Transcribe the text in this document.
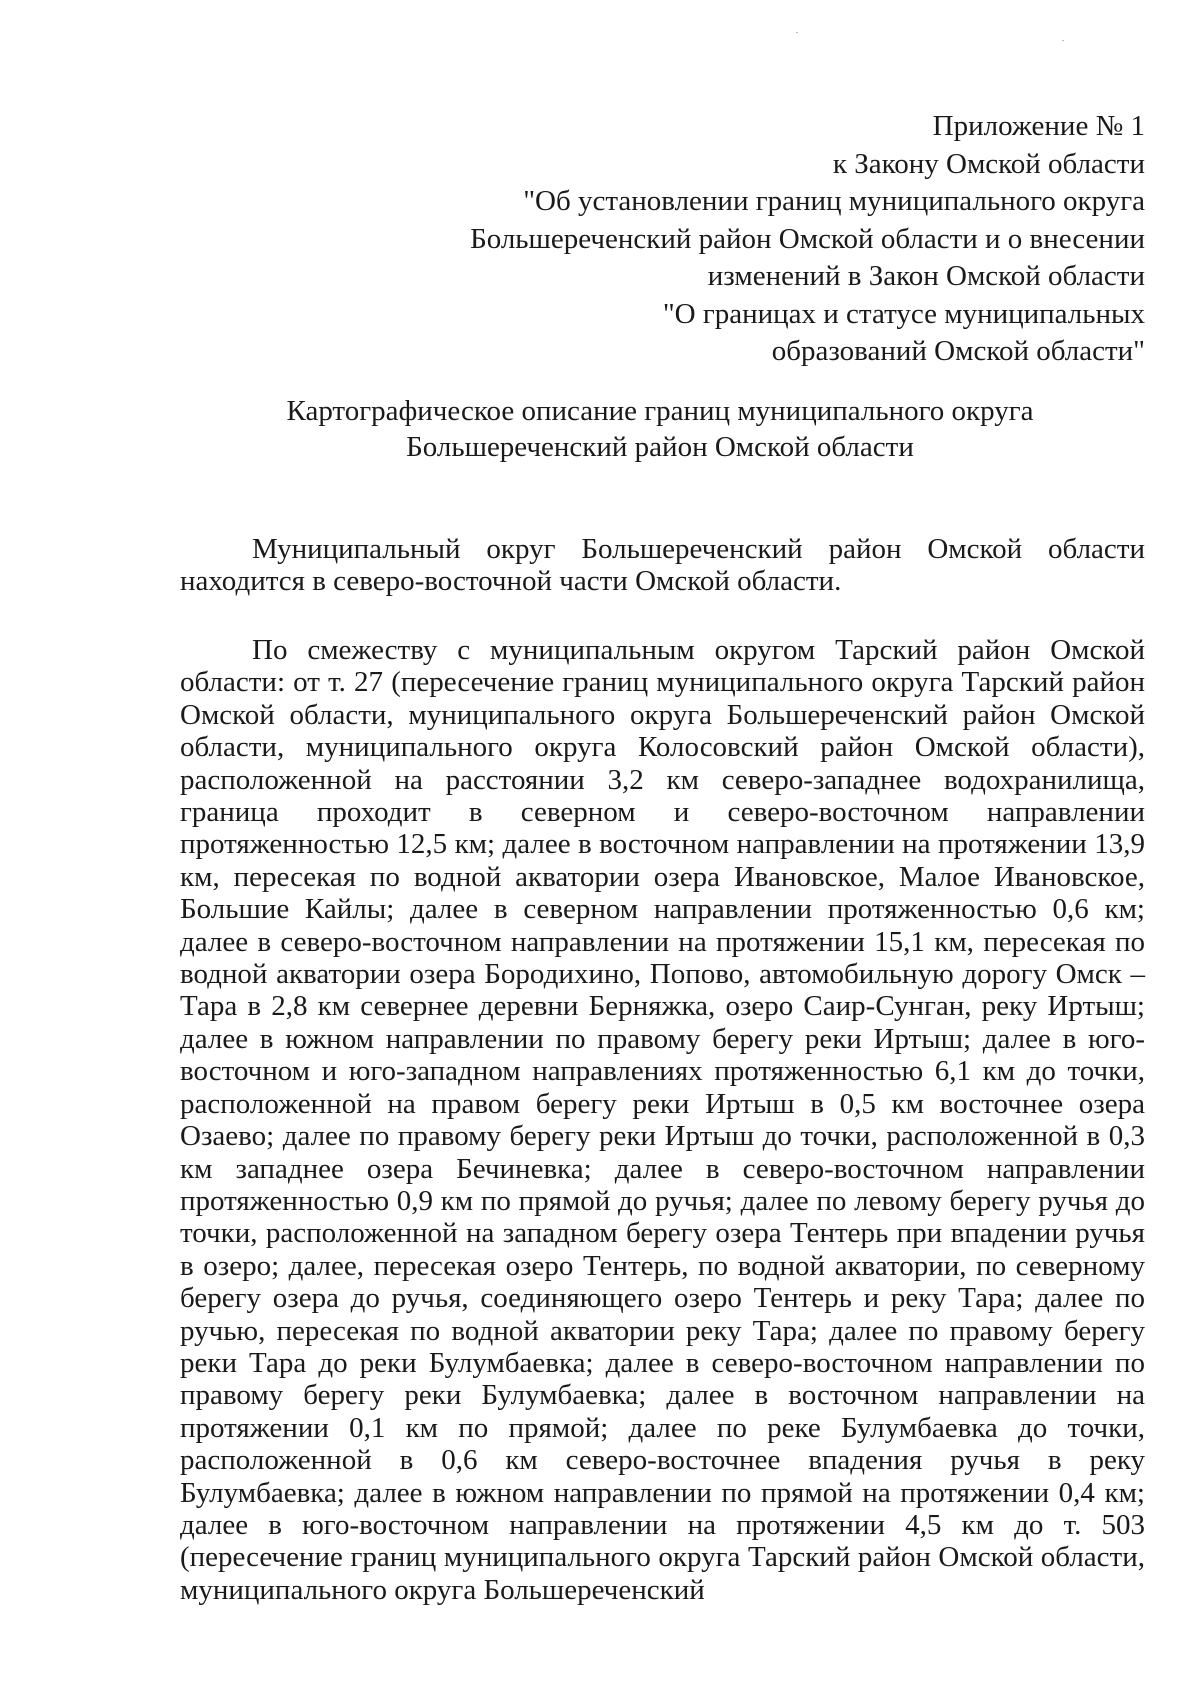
Приложение № 1
к Закону Омской области
"Об установлении границ муниципального округа
Большереченский район Омской области и о внесении
изменений в Закон Омской области
"О границах и статусе муниципальных
образований Омской области"
Картографическое описание границ муниципального округа
Большереченский район Омской области

Муниципальный округ Большереченский район Омской области находится в северо-восточной части Омской области.

По смежеству с муниципальным округом Тарский район Омской области: от т. 27 (пересечение границ муниципального округа Тарский район Омской области, муниципального округа Большереченский район Омской области, муниципального округа Колосовский район Омской области), расположенной на расстоянии 3,2 км северо-западнее водохранилища, граница проходит в северном и северо-восточном направлении протяженностью 12,5 км; далее в восточном направлении на протяжении 13,9 км, пересекая по водной акватории озера Ивановское, Малое Ивановское, Большие Кайлы; далее в северном направлении протяженностью 0,6 км; далее в северо-восточном направлении на протяжении 15,1 км, пересекая по водной акватории озера Бородихино, Попово, автомобильную дорогу Омск – Тара в 2,8 км севернее деревни Берняжка, озеро Саир-Сунган, реку Иртыш; далее в южном направлении по правому берегу реки Иртыш; далее в юго-восточном и юго-западном направлениях протяженностью 6,1 км до точки, расположенной на правом берегу реки Иртыш в 0,5 км восточнее озера Озаево; далее по правому берегу реки Иртыш до точки, расположенной в 0,3 км западнее озера Бечиневка; далее в северо-восточном направлении протяженностью 0,9 км по прямой до ручья; далее по левому берегу ручья до точки, расположенной на западном берегу озера Тентерь при впадении ручья в озеро; далее, пересекая озеро Тентерь, по водной акватории, по северному берегу озера до ручья, соединяющего озеро Тентерь и реку Тара; далее по ручью, пересекая по водной акватории реку Тара; далее по правому берегу реки Тара до реки Булумбаевка; далее в северо-восточном направлении по правому берегу реки Булумбаевка; далее в восточном направлении на протяжении 0,1 км по прямой; далее по реке Булумбаевка до точки, расположенной в 0,6 км северо-восточнее впадения ручья в реку Булумбаевка; далее в южном направлении по прямой на протяжении 0,4 км; далее в юго-восточном направлении на протяжении 4,5 км до т. 503 (пересечение границ муниципального округа Тарский район Омской области, муниципального округа Большереченский
